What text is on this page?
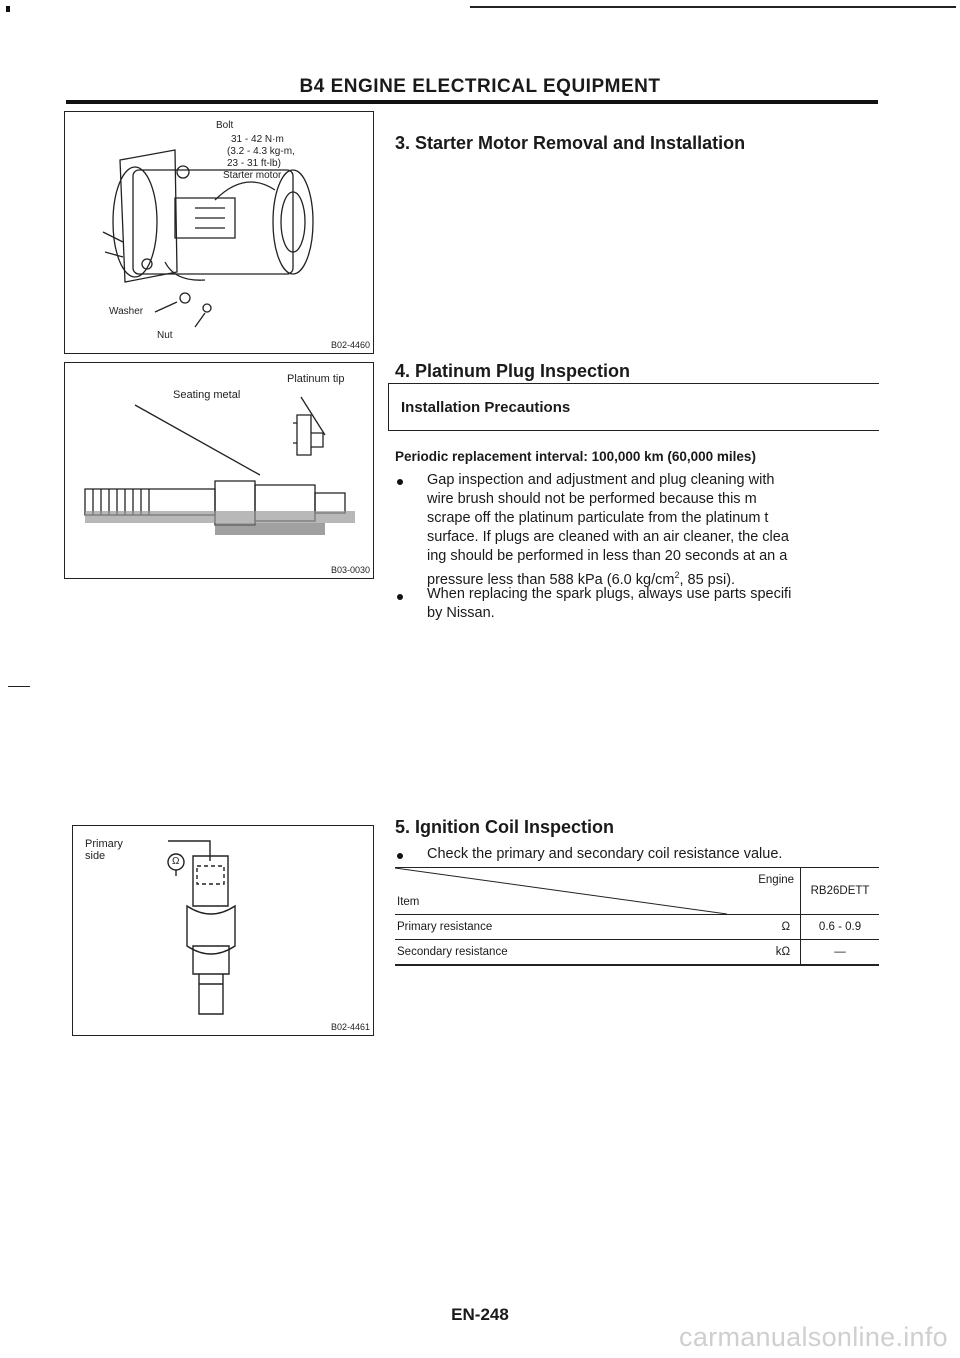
B4 ENGINE ELECTRICAL EQUIPMENT
Bolt
31 - 42 N·m
(3.2 - 4.3 kg-m,
23 - 31 ft-lb)
Starter motor
Washer
Nut
B02-4460
Platinum tip
Seating metal
B03-0030
Primary
side	Ω
B02-4461
3. Starter Motor Removal and Installation
4. Platinum Plug Inspection
Installation Precautions
Periodic replacement interval: 100,000 km (60,000 miles)
Gap inspection and adjustment and plug cleaning with
wire brush should not be performed because this m
scrape off the platinum particulate from the platinum t
surface. If plugs are cleaned with an air cleaner, the clea
ing should be performed in less than 20 seconds at an a
pressure less than 588 kPa (6.0 $kg/cm^2$, 85 psi).
When replacing the spark plugs, always use parts specifi
by Nissan.
5. Ignition Coil Inspection
Check the primary and secondary coil resistance value.
Engine
Item		RB26DETT
Primary resistance	Ω	0.6 - 0.9
Secondary resistance	kΩ	—
EN-248
carmanualsonline.info
